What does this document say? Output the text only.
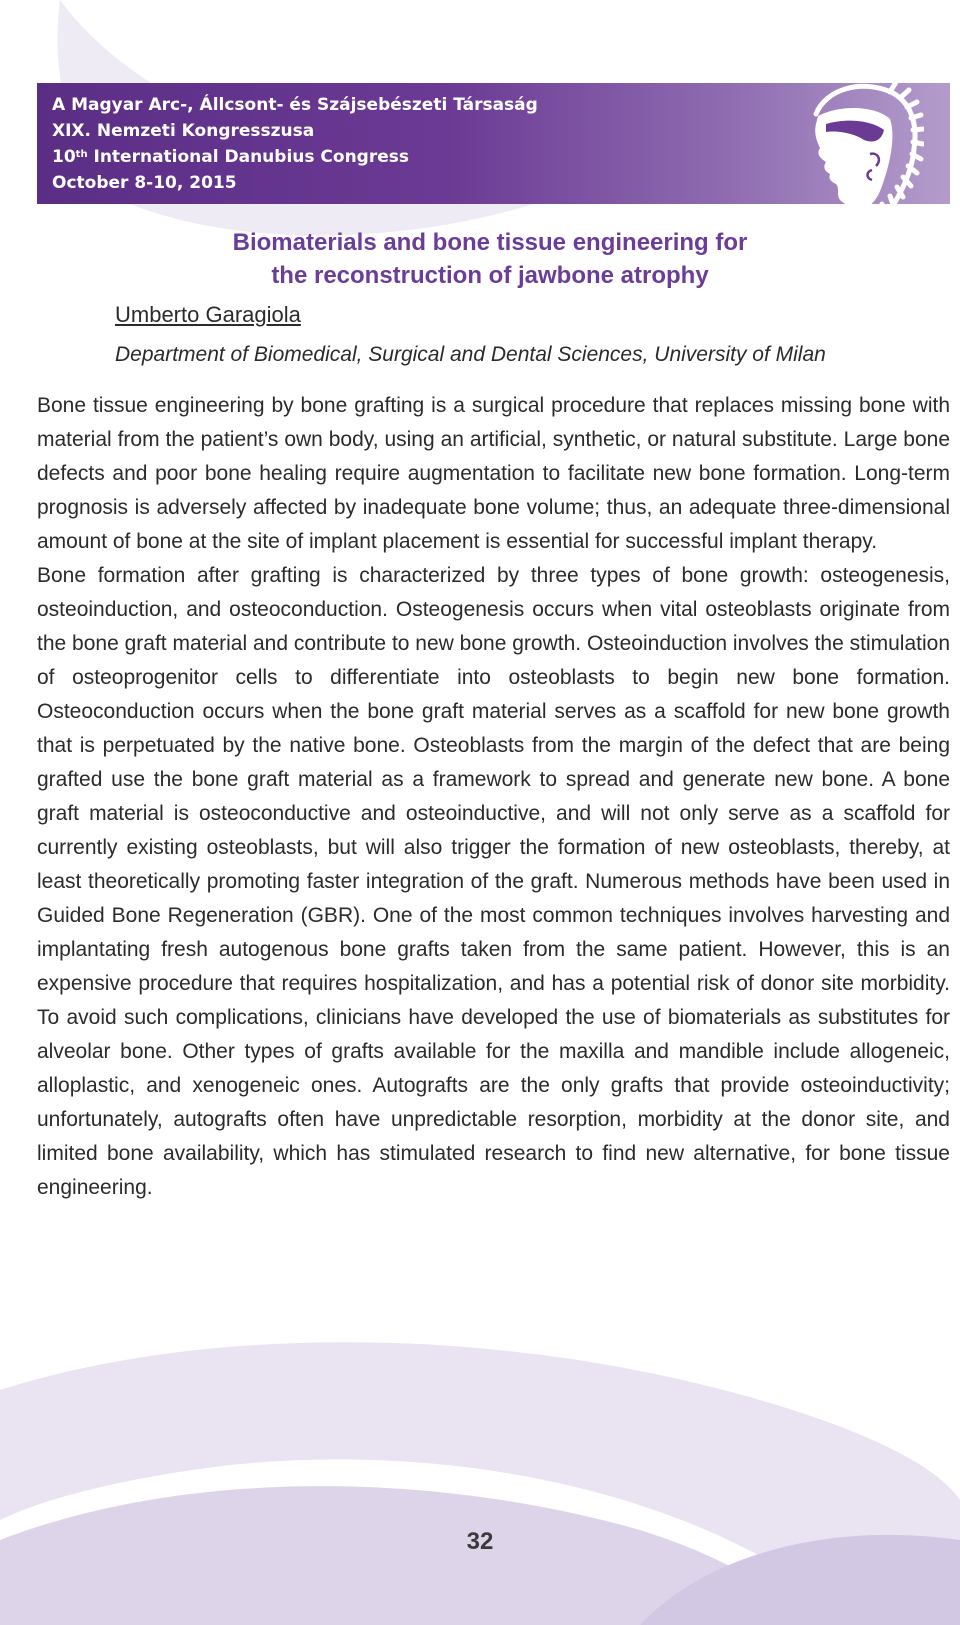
A Magyar Arc-, Állcsont- és Szájsebészeti Társaság
XIX. Nemzeti Kongresszusa
10th International Danubius Congress
October 8-10, 2015
Biomaterials and bone tissue engineering for
the reconstruction of jawbone atrophy
Umberto Garagiola
Department of Biomedical, Surgical and Dental Sciences, University of Milan

Bone tissue engineering by bone grafting is a surgical procedure that replaces missing bone with material from the patient’s own body, using an artificial, synthetic, or natural substitute. Large bone defects and poor bone healing require augmentation to facilitate new bone formation. Long-term prognosis is adversely affected by inadequate bone volume; thus, an adequate three-dimensional amount of bone at the site of implant placement is essential for successful implant therapy.

Bone formation after grafting is characterized by three types of bone growth: osteogenesis, osteoinduction, and osteoconduction. Osteogenesis occurs when vital osteoblasts originate from the bone graft material and contribute to new bone growth. Osteoinduction involves the stimulation of osteoprogenitor cells to differentiate into osteoblasts to begin new bone formation. Osteoconduction occurs when the bone graft material serves as a scaffold for new bone growth that is perpetuated by the native bone. Osteoblasts from the margin of the defect that are being grafted use the bone graft material as a framework to spread and generate new bone. A bone graft material is osteoconductive and osteoinductive, and will not only serve as a scaffold for currently existing osteoblasts, but will also trigger the formation of new osteoblasts, thereby, at least theoretically promoting faster integration of the graft. Numerous methods have been used in Guided Bone Regeneration (GBR). One of the most common techniques involves harvesting and implantating fresh autogenous bone grafts taken from the same patient. However, this is an expensive procedure that requires hospitalization, and has a potential risk of donor site morbidity. To avoid such complications, clinicians have developed the use of biomaterials as substitutes for alveolar bone. Other types of grafts available for the maxilla and mandible include allogeneic, alloplastic, and xenogeneic ones. Autografts are the only grafts that provide osteoinductivity; unfortunately, autografts often have unpredictable resorption, morbidity at the donor site, and limited bone availability, which has stimulated research to find new alternative, for bone tissue engineering.

32
